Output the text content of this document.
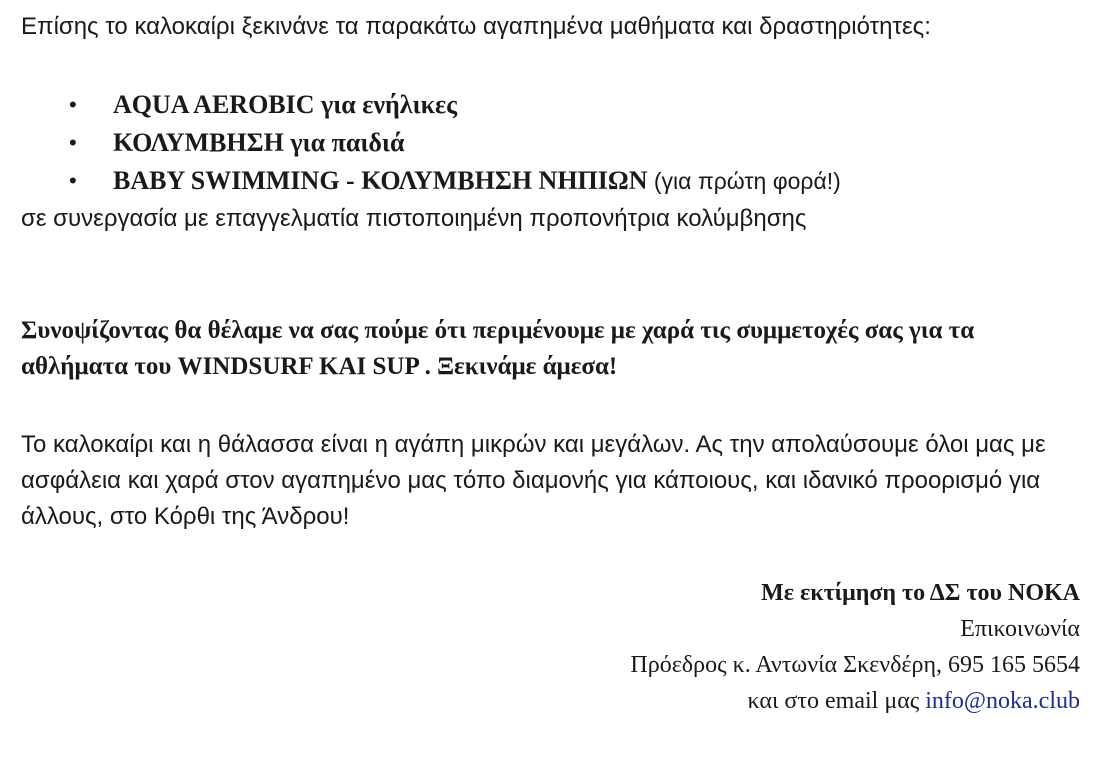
Επίσης το καλοκαίρι ξεκινάνε τα παρακάτω αγαπημένα μαθήματα και δραστηριότητες:

• AQUA AEROBIC για ενήλικες
• ΚΟΛΥΜΒΗΣΗ για παιδιά
• BABY SWIMMING - ΚΟΛΥΜΒΗΣΗ ΝΗΠΙΩΝ (για πρώτη φορά!)

σε συνεργασία με επαγγελματία πιστοποιημένη προπονήτρια κολύμβησης

Συνοψίζοντας θα θέλαμε να σας πούμε ότι περιμένουμε με χαρά τις συμμετοχές σας για τα αθλήματα του WINDSURF ΚΑΙ SUP . Ξεκινάμε άμεσα!

Το καλοκαίρι και η θάλασσα είναι η αγάπη μικρών και μεγάλων. Ας την απολαύσουμε όλοι μας με ασφάλεια και χαρά στον αγαπημένο μας τόπο διαμονής για κάποιους, και ιδανικό προορισμό για άλλους, στο Κόρθι της Άνδρου!

Με εκτίμηση το ΔΣ του ΝΟΚΑ
Επικοινωνία
Πρόεδρος κ. Αντωνία Σκενδέρη, 695 165 5654
και στο email μας info@noka.club
